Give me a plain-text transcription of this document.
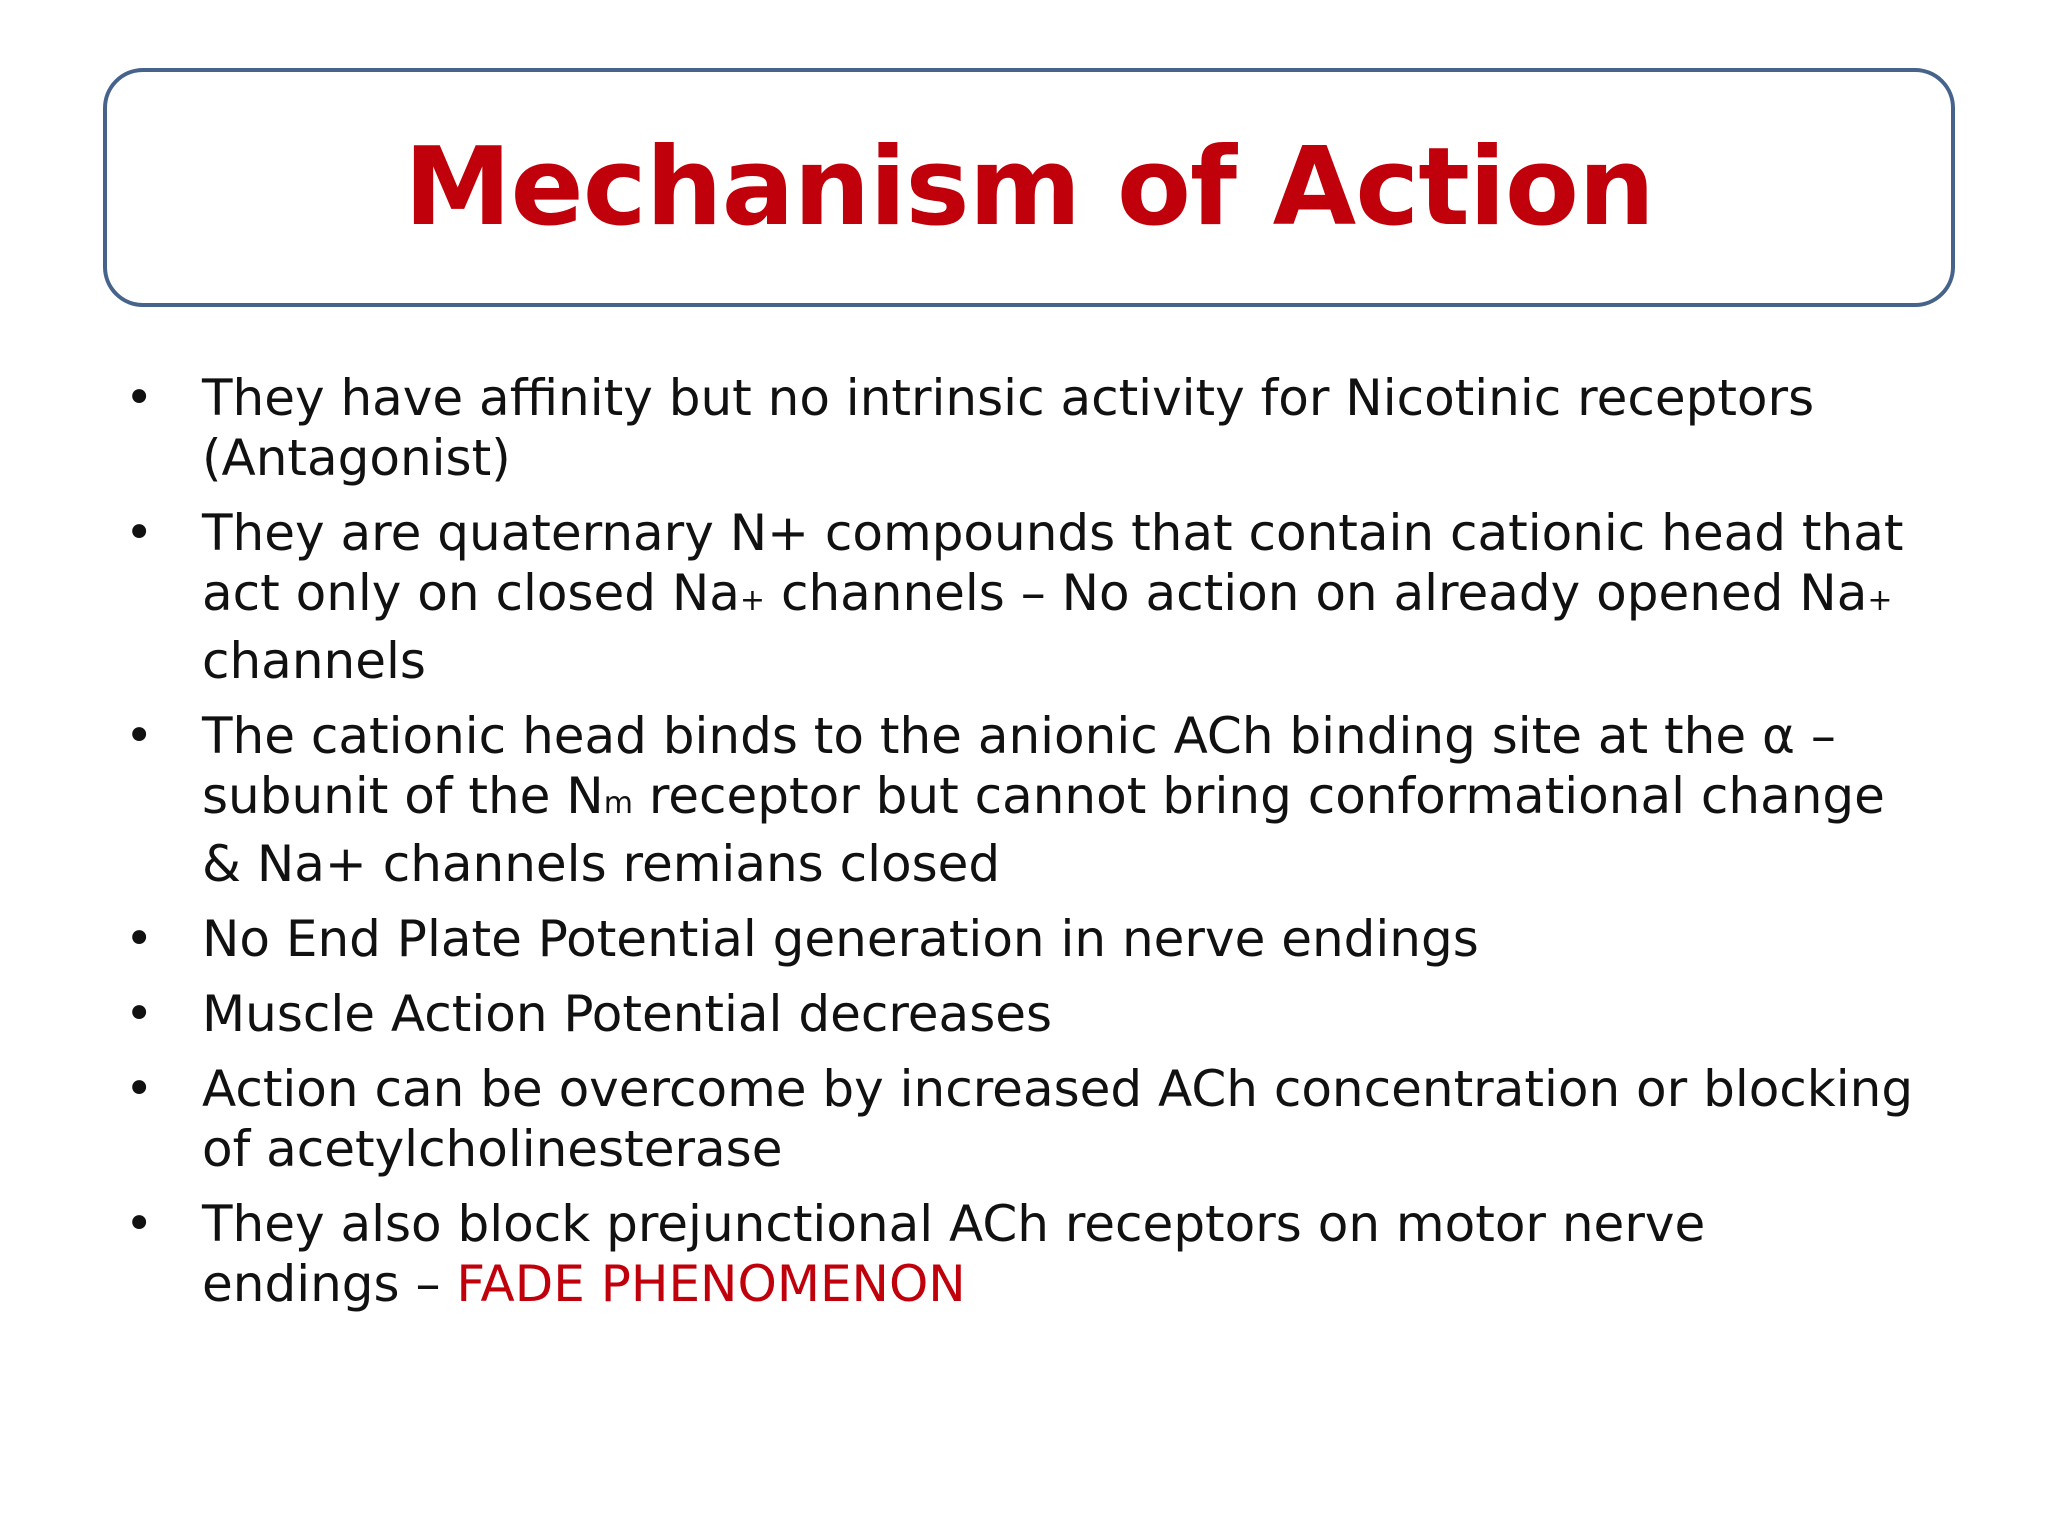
Mechanism of Action
• They have affinity but no intrinsic activity for Nicotinic receptors
(Antagonist)
• They are quaternary N+ compounds that contain cationic head that
act only on closed Na+ channels – No action on already opened Na+
channels
• The cationic head binds to the anionic ACh binding site at the α –
subunit of the Nm receptor but cannot bring conformational change
& Na+ channels remians closed
• No End Plate Potential generation in nerve endings
• Muscle Action Potential decreases
• Action can be overcome by increased ACh concentration or blocking
of acetylcholinesterase
• They also block prejunctional ACh receptors on motor nerve
endings – FADE PHENOMENON
